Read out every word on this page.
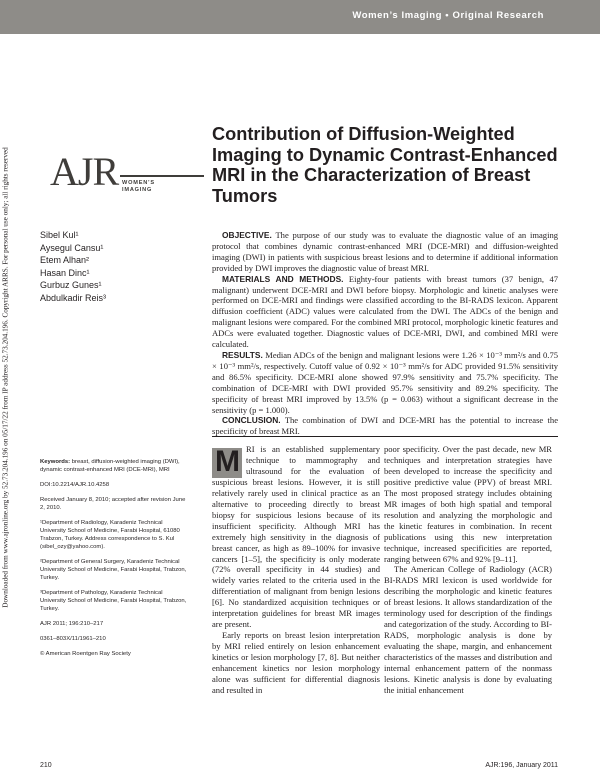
Women’s Imaging • Original Research
Downloaded from www.ajronline.org by 52.73.204.196 on 05/17/22 from IP address 52.73.204.196. Copyright ARRS. For personal use only; all rights reserved AJR WOMEN’S
IMAGING
Contribution of Diffusion-Weighted Imaging to Dynamic Contrast-Enhanced MRI in the Characterization of Breast Tumors
Sibel Kul¹
Aysegul Cansu¹
Etem Alhan²
Hasan Dinc¹
Gurbuz Gunes¹
Abdulkadir Reis³

OBJECTIVE. The purpose of our study was to evaluate the diagnostic value of an imaging protocol that combines dynamic contrast-enhanced MRI (DCE-MRI) and diffusion-weighted imaging (DWI) in patients with suspicious breast lesions and to determine if additional information provided by DWI improves the diagnostic value of breast MRI.

MATERIALS AND METHODS. Eighty-four patients with breast tumors (37 benign, 47 malignant) underwent DCE-MRI and DWI before biopsy. Morphologic and kinetic analyses were performed on DCE-MRI and findings were classified according to the BI-RADS lexicon. Apparent diffusion coefficient (ADC) values were calculated from the DWI. The ADCs of the benign and malignant lesions were compared. For the combined MRI protocol, morphologic kinetic features and ADCs were evaluated together. Diagnostic values of DCE-MRI, DWI, and combined MRI were calculated.

RESULTS. Median ADCs of the benign and malignant lesions were 1.26 × 10⁻³ mm²/s and 0.75 × 10⁻³ mm²/s, respectively. Cutoff value of 0.92 × 10⁻³ mm²/s for ADC provided 91.5% sensitivity and 86.5% specificity. DCE-MRI alone showed 97.9% sensitivity and 75.7% specificity. The combination of DCE-MRI with DWI provided 95.7% sensitivity and 89.2% specificity. The specificity of breast MRI improved by 13.5% (p = 0.063) without a significant decrease in the sensitivity (p = 1.000).

CONCLUSION. The combination of DWI and DCE-MRI has the potential to increase the specificity of breast MRI.

Keywords: breast, diffusion-weighted imaging (DWI), dynamic contrast-enhanced MRI (DCE-MRI), MRI

DOI:10.2214/AJR.10.4258

Received January 8, 2010; accepted after revision June 2, 2010.

¹Department of Radiology, Karadeniz Technical University School of Medicine, Farabi Hospital, 61080 Trabzon, Turkey. Address correspondence to S. Kul (sibel_ozy@yahoo.com).

²Department of General Surgery, Karadeniz Technical University School of Medicine, Farabi Hospital, Trabzon, Turkey.

³Department of Pathology, Karadeniz Technical University School of Medicine, Farabi Hospital, Trabzon, Turkey.

AJR 2011; 196:210–217

0361–803X/11/1961–210

© American Roentgen Ray Society

M RI is an established supplementary technique to mammography and ultrasound for the evaluation of suspicious breast lesions. However, it is still relatively rarely used in clinical practice as an alternative to proceeding directly to breast biopsy for suspicious lesions because of its insufficient specificity. Although MRI has extremely high sensitivity in the diagnosis of breast cancer, as high as 89–100% for invasive cancers [1–5], the specificity is only moderate (72% overall specificity in 44 studies) and widely varies related to the criteria used in the differentiation of malignant from benign lesions [6]. No standardized acquisition techniques or interpretation guidelines for breast MR images are present.

Early reports on breast lesion interpretation by MRI relied entirely on lesion enhancement kinetics or lesion morphology [7, 8]. But neither enhancement kinetics nor lesion morphology alone was sufficient for differential diagnosis and resulted in

poor specificity. Over the past decade, new MR techniques and interpretation strategies have been developed to increase the specificity and positive predictive value (PPV) of breast MRI. The most proposed strategy includes obtaining MR images of both high spatial and temporal resolution and analyzing the morphologic and the kinetic features in combination. In recent publications using this new interpretation technique, increased specificities are reported, ranging between 67% and 92% [9–11].

The American College of Radiology (ACR) BI-RADS MRI lexicon is used worldwide for describing the morphologic and kinetic features of breast lesions. It allows standardization of the terminology used for description of the findings and categorization of the study. According to BI-RADS, morphologic analysis is done by evaluating the shape, margin, and enhancement characteristics of the masses and distribution and internal enhancement pattern of the nonmass lesions. Kinetic analysis is done by evaluating the initial enhancement

210	AJR:196, January 2011
